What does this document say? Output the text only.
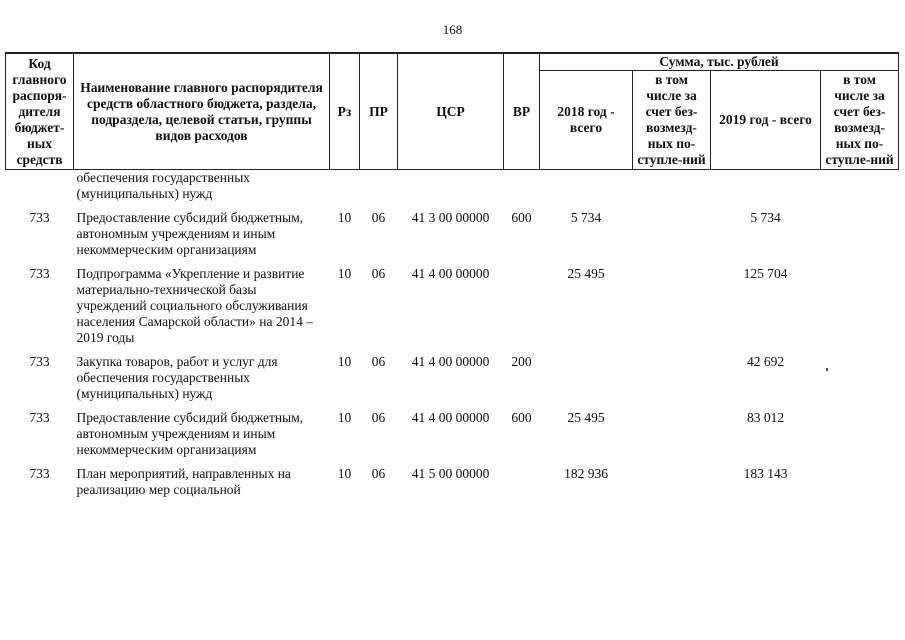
168
Код главного распоря-дителя бюджет-ных средств	Наименование главного распорядителя средств областного бюджета, раздела, подраздела, целевой статьи, группы видов расходов	Рз	ПР	ЦСР	ВР	Сумма, тыс. рублей			
						2018 год - всего	в том числе за счет без-возмезд-ных по-ступле-ний	2019 год - всего	в том числе за счет без-возмезд-ных по-ступле-ний
	обеспечения государственных (муниципальных) нужд								
733	Предоставление субсидий бюджетным, автономным учреждениям и иным некоммерческим организациям	10	06	41 3 00 00000	600	5 734		5 734	
733	Подпрограмма «Укрепление и развитие материально-технической базы учреждений социального обслуживания населения Самарской области» на 2014 – 2019 годы	10	06	41 4 00 00000		25 495		125 704	
733	Закупка товаров, работ и услуг для обеспечения государственных (муниципальных) нужд	10	06	41 4 00 00000	200			42 692	
733	Предоставление субсидий бюджетным, автономным учреждениям и иным некоммерческим организациям	10	06	41 4 00 00000	600	25 495		83 012	
733	План мероприятий, направленных на реализацию мер социальной	10	06	41 5 00 00000		182 936		183 143	
